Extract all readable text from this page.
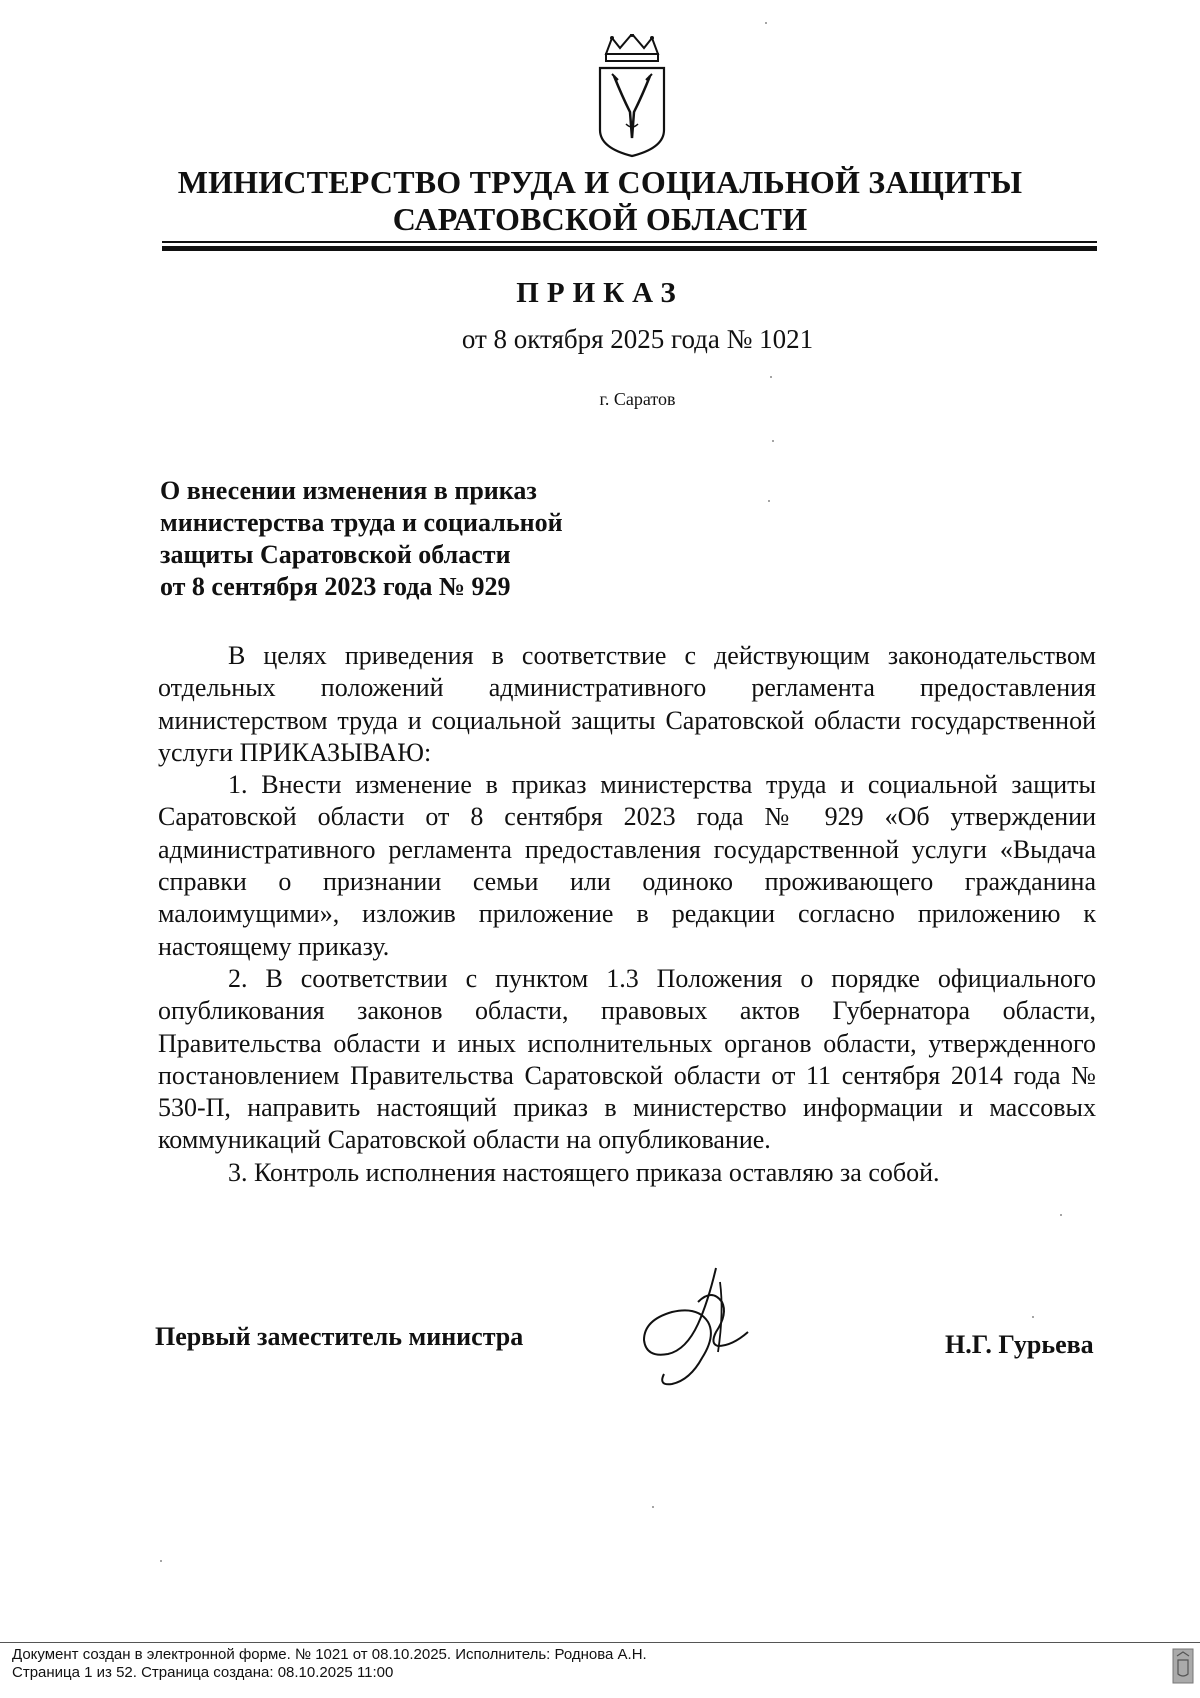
МИНИСТЕРСТВО ТРУДА И СОЦИАЛЬНОЙ ЗАЩИТЫ
САРАТОВСКОЙ ОБЛАСТИ
ПРИКАЗ
от 8 октября 2025 года № 1021
г. Саратов
О внесении изменения в приказ
министерства труда и социальной
защиты Саратовской области
от 8 сентября 2023 года № 929

В целях приведения в соответствие с действующим законодательством отдельных положений административного регламента предоставления министерством труда и социальной защиты Саратовской области государственной услуги ПРИКАЗЫВАЮ:

1. Внести изменение в приказ министерства труда и социальной защиты Саратовской области от 8 сентября 2023 года № 929 «Об утверждении административного регламента предоставления государственной услуги «Выдача справки о признании семьи или одиноко проживающего гражданина малоимущими», изложив приложение в редакции согласно приложению к настоящему приказу.

2. В соответствии с пунктом 1.3 Положения о порядке официального опубликования законов области, правовых актов Губернатора области, Правительства области и иных исполнительных органов области, утвержденного постановлением Правительства Саратовской области от 11 сентября 2014 года № 530-П, направить настоящий приказ в министерство информации и массовых коммуникаций Саратовской области на опубликование.

3. Контроль исполнения настоящего приказа оставляю за собой.

Первый заместитель министра	Н.Г. Гурьева
Документ создан в электронной форме. № 1021 от 08.10.2025. Исполнитель: Роднова А.Н.
Страница 1 из 52. Страница создана: 08.10.2025 11:00
